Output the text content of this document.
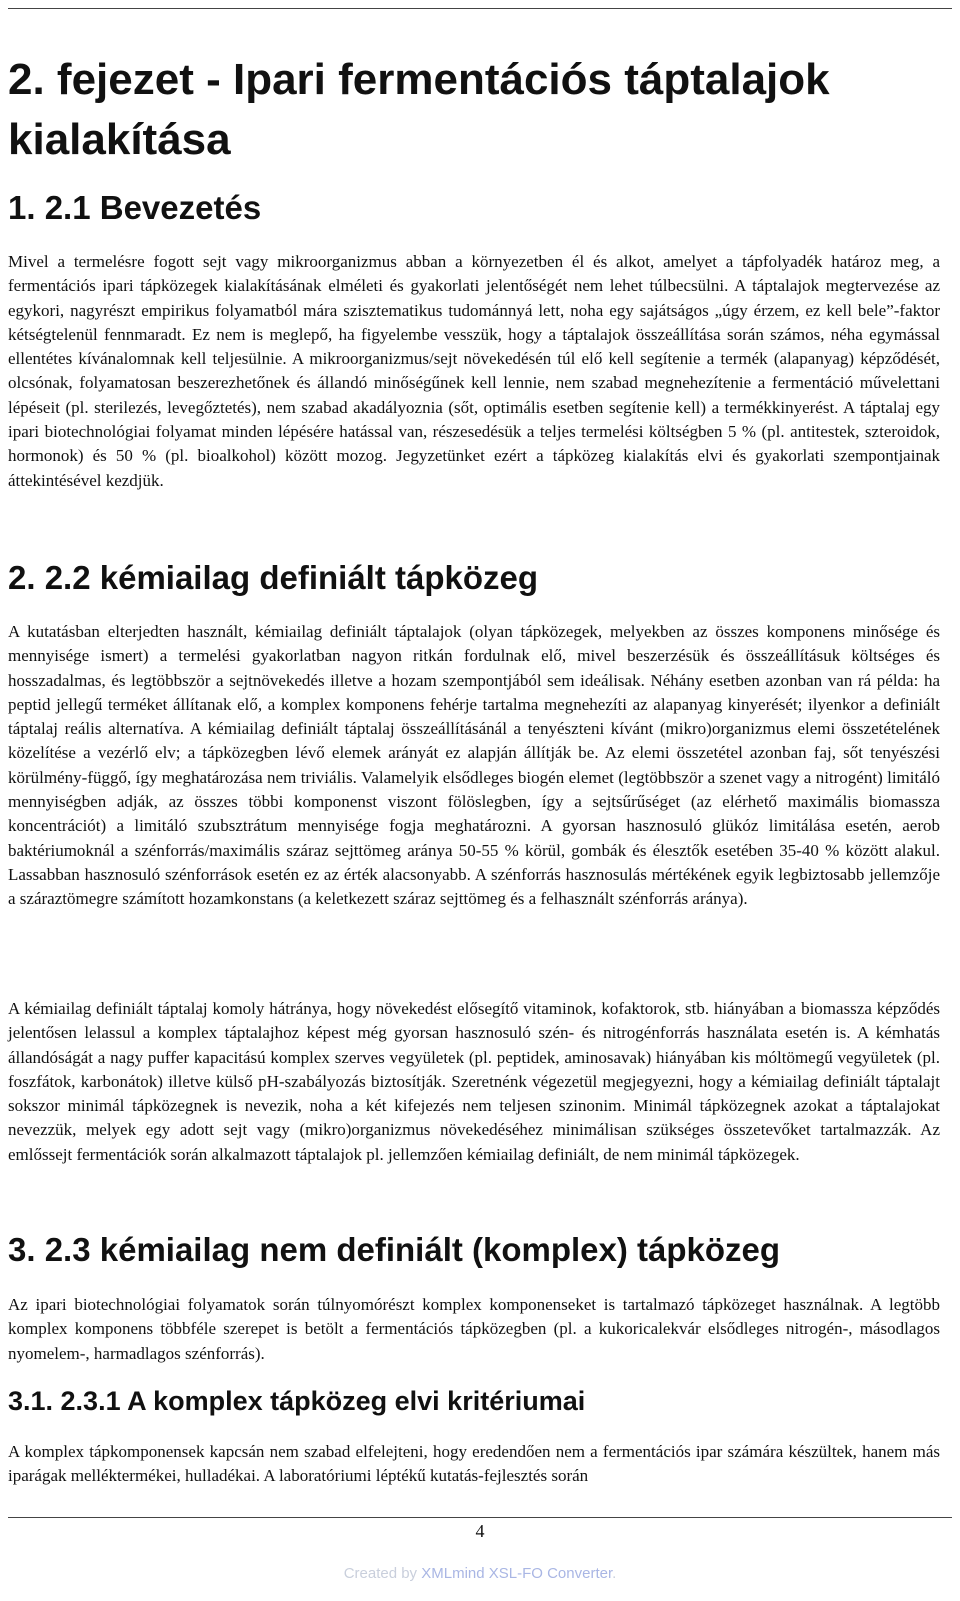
2. fejezet - Ipari fermentációs táptalajok kialakítása
1. 2.1 Bevezetés

Mivel a termelésre fogott sejt vagy mikroorganizmus abban a környezetben él és alkot, amelyet a tápfolyadék határoz meg, a fermentációs ipari tápközegek kialakításának elméleti és gyakorlati jelentőségét nem lehet túlbecsülni. A táptalajok megtervezése az egykori, nagyrészt empirikus folyamatból mára szisztematikus tudománnyá lett, noha egy sajátságos „úgy érzem, ez kell bele”-faktor kétségtelenül fennmaradt. Ez nem is meglepő, ha figyelembe vesszük, hogy a táptalajok összeállítása során számos, néha egymással ellentétes kívánalomnak kell teljesülnie. A mikroorganizmus/sejt növekedésén túl elő kell segítenie a termék (alapanyag) képződését, olcsónak, folyamatosan beszerezhetőnek és állandó minőségűnek kell lennie, nem szabad megnehezítenie a fermentáció művelettani lépéseit (pl. sterilezés, levegőztetés), nem szabad akadályoznia (sőt, optimális esetben segítenie kell) a termékkinyerést. A táptalaj egy ipari biotechnológiai folyamat minden lépésére hatással van, részesedésük a teljes termelési költségben 5 % (pl. antitestek, szteroidok, hormonok) és 50 % (pl. bioalkohol) között mozog. Jegyzetünket ezért a tápközeg kialakítás elvi és gyakorlati szempontjainak áttekintésével kezdjük.

2. 2.2 kémiailag definiált tápközeg

A kutatásban elterjedten használt, kémiailag definiált táptalajok (olyan tápközegek, melyekben az összes komponens minősége és mennyisége ismert) a termelési gyakorlatban nagyon ritkán fordulnak elő, mivel beszerzésük és összeállításuk költséges és hosszadalmas, és legtöbbször a sejtnövekedés illetve a hozam szempontjából sem ideálisak. Néhány esetben azonban van rá példa: ha peptid jellegű terméket állítanak elő, a komplex komponens fehérje tartalma megnehezíti az alapanyag kinyerését; ilyenkor a definiált táptalaj reális alternatíva. A kémiailag definiált táptalaj összeállításánál a tenyészteni kívánt (mikro)organizmus elemi összetételének közelítése a vezérlő elv; a tápközegben lévő elemek arányát ez alapján állítják be. Az elemi összetétel azonban faj, sőt tenyészési körülmény-függő, így meghatározása nem triviális. Valamelyik elsődleges biogén elemet (legtöbbször a szenet vagy a nitrogént) limitáló mennyiségben adják, az összes többi komponenst viszont fölöslegben, így a sejtsűrűséget (az elérhető maximális biomassza koncentrációt) a limitáló szubsztrátum mennyisége fogja meghatározni. A gyorsan hasznosuló glükóz limitálása esetén, aerob baktériumoknál a szénforrás/maximális száraz sejttömeg aránya 50-55 % körül, gombák és élesztők esetében 35-40 % között alakul. Lassabban hasznosuló szénforrások esetén ez az érték alacsonyabb. A szénforrás hasznosulás mértékének egyik legbiztosabb jellemzője a száraztömegre számított hozamkonstans (a keletkezett száraz sejttömeg és a felhasznált szénforrás aránya).

A kémiailag definiált táptalaj komoly hátránya, hogy növekedést elősegítő vitaminok, kofaktorok, stb. hiányában a biomassza képződés jelentősen lelassul a komplex táptalajhoz képest még gyorsan hasznosuló szén- és nitrogénforrás használata esetén is. A kémhatás állandóságát a nagy puffer kapacitású komplex szerves vegyületek (pl. peptidek, aminosavak) hiányában kis móltömegű vegyületek (pl. foszfátok, karbonátok) illetve külső pH-szabályozás biztosítják. Szeretnénk végezetül megjegyezni, hogy a kémiailag definiált táptalajt sokszor minimál tápközegnek is nevezik, noha a két kifejezés nem teljesen szinonim. Minimál tápközegnek azokat a táptalajokat nevezzük, melyek egy adott sejt vagy (mikro)organizmus növekedéséhez minimálisan szükséges összetevőket tartalmazzák. Az emlőssejt fermentációk során alkalmazott táptalajok pl. jellemzően kémiailag definiált, de nem minimál tápközegek.

3. 2.3 kémiailag nem definiált (komplex) tápközeg

Az ipari biotechnológiai folyamatok során túlnyomórészt komplex komponenseket is tartalmazó tápközeget használnak. A legtöbb komplex komponens többféle szerepet is betölt a fermentációs tápközegben (pl. a kukoricalekvár elsődleges nitrogén-, másodlagos nyomelem-, harmadlagos szénforrás).

3.1. 2.3.1 A komplex tápközeg elvi kritériumai

A komplex tápkomponensek kapcsán nem szabad elfelejteni, hogy eredendően nem a fermentációs ipar számára készültek, hanem más iparágak melléktermékei, hulladékai. A laboratóriumi léptékű kutatás-fejlesztés során

4
Created by XMLmind XSL-FO Converter.
